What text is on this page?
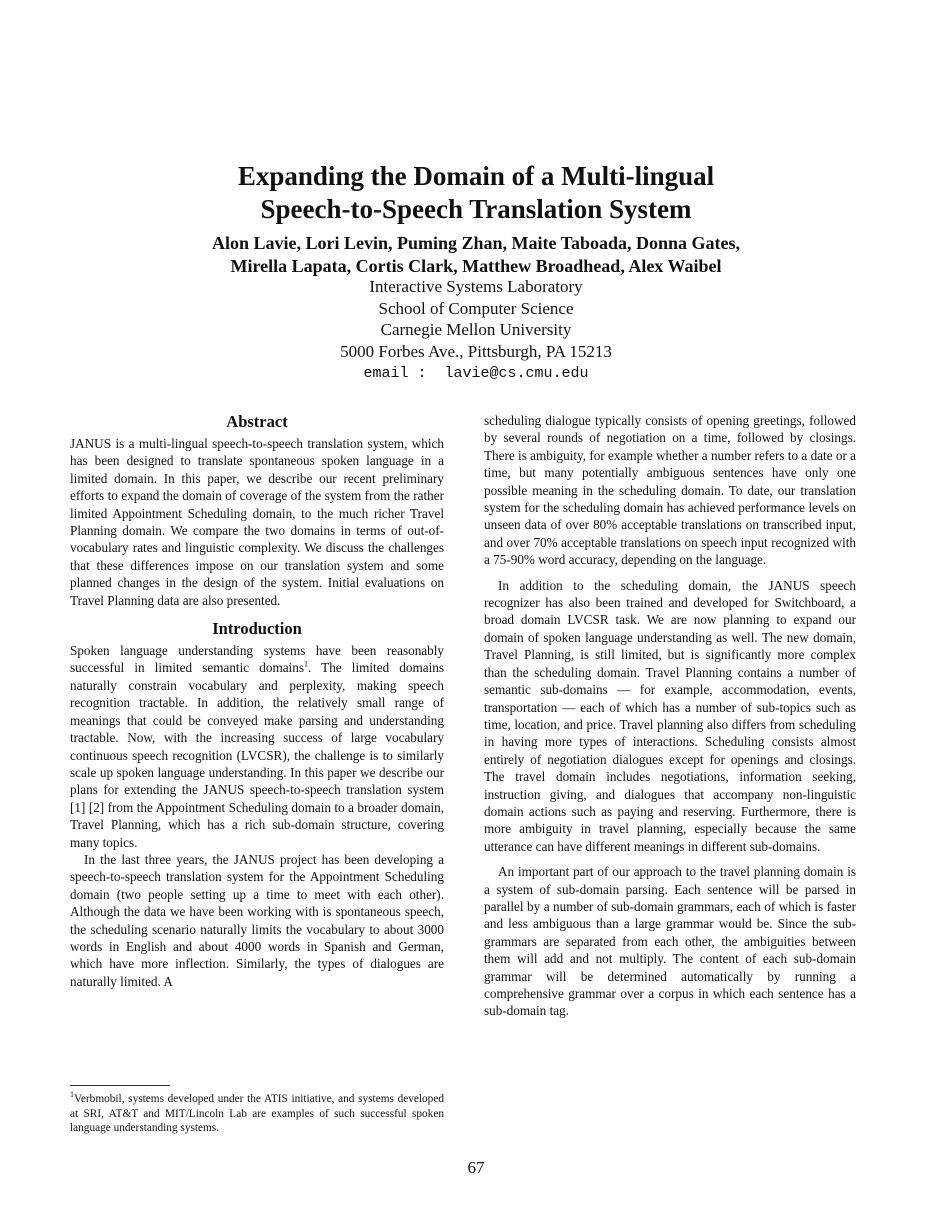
Expanding the Domain of a Multi-lingual
Speech-to-Speech Translation System
Alon Lavie, Lori Levin, Puming Zhan, Maite Taboada, Donna Gates,
Mirella Lapata, Cortis Clark, Matthew Broadhead, Alex Waibel
Interactive Systems Laboratory
School of Computer Science
Carnegie Mellon University
5000 Forbes Ave., Pittsburgh, PA 15213
email :  lavie@cs.cmu.edu
Abstract

JANUS is a multi-lingual speech-to-speech translation system, which has been designed to translate spontaneous spoken language in a limited domain. In this paper, we describe our recent preliminary efforts to expand the domain of coverage of the system from the rather limited Appointment Scheduling domain, to the much richer Travel Planning domain. We compare the two domains in terms of out-of-vocabulary rates and linguistic complexity. We discuss the challenges that these differences impose on our translation system and some planned changes in the design of the system. Initial evaluations on Travel Planning data are also presented.

Introduction

Spoken language understanding systems have been reasonably successful in limited semantic domains$^1$. The limited domains naturally constrain vocabulary and perplexity, making speech recognition tractable. In addition, the relatively small range of meanings that could be conveyed make parsing and understanding tractable. Now, with the increasing success of large vocabulary continuous speech recognition (LVCSR), the challenge is to similarly scale up spoken language understanding. In this paper we describe our plans for extending the JANUS speech-to-speech translation system [1] [2] from the Appointment Scheduling domain to a broader domain, Travel Planning, which has a rich sub-domain structure, covering many topics.

In the last three years, the JANUS project has been developing a speech-to-speech translation system for the Appointment Scheduling domain (two people setting up a time to meet with each other). Although the data we have been working with is spontaneous speech, the scheduling scenario naturally limits the vocabulary to about 3000 words in English and about 4000 words in Spanish and German, which have more inflection. Similarly, the types of dialogues are naturally limited. A

$^1$Verbmobil, systems developed under the ATIS initiative, and systems developed at SRI, AT&T and MIT/Lincoln Lab are examples of such successful spoken language understanding systems.

scheduling dialogue typically consists of opening greetings, followed by several rounds of negotiation on a time, followed by closings. There is ambiguity, for example whether a number refers to a date or a time, but many potentially ambiguous sentences have only one possible meaning in the scheduling domain. To date, our translation system for the scheduling domain has achieved performance levels on unseen data of over 80% acceptable translations on transcribed input, and over 70% acceptable translations on speech input recognized with a 75-90% word accuracy, depending on the language.

In addition to the scheduling domain, the JANUS speech recognizer has also been trained and developed for Switchboard, a broad domain LVCSR task. We are now planning to expand our domain of spoken language understanding as well. The new domain, Travel Planning, is still limited, but is significantly more complex than the scheduling domain. Travel Planning contains a number of semantic sub-domains — for example, accommodation, events, transportation — each of which has a number of sub-topics such as time, location, and price. Travel planning also differs from scheduling in having more types of interactions. Scheduling consists almost entirely of negotiation dialogues except for openings and closings. The travel domain includes negotiations, information seeking, instruction giving, and dialogues that accompany non-linguistic domain actions such as paying and reserving. Furthermore, there is more ambiguity in travel planning, especially because the same utterance can have different meanings in different sub-domains.

An important part of our approach to the travel planning domain is a system of sub-domain parsing. Each sentence will be parsed in parallel by a number of sub-domain grammars, each of which is faster and less ambiguous than a large grammar would be. Since the sub-grammars are separated from each other, the ambiguities between them will add and not multiply. The content of each sub-domain grammar will be determined automatically by running a comprehensive grammar over a corpus in which each sentence has a sub-domain tag.

67
